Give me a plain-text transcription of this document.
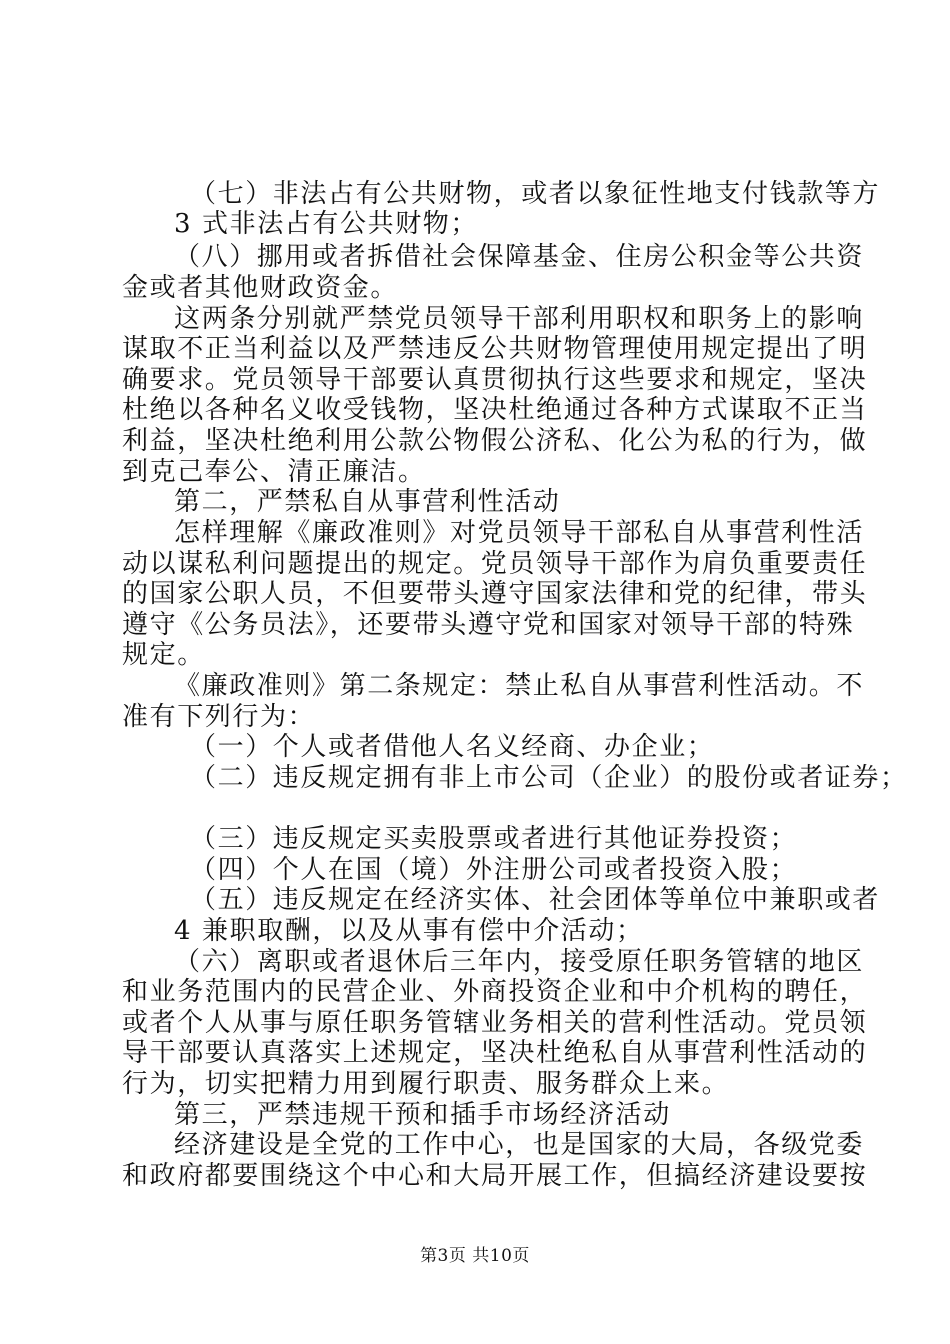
（七）非法占有公共财物，或者以象征性地支付钱款等方
3 式非法占有公共财物；
（八）挪用或者拆借社会保障基金、住房公积金等公共资
金或者其他财政资金。
这两条分别就严禁党员领导干部利用职权和职务上的影响
谋取不正当利益以及严禁违反公共财物管理使用规定提出了明
确要求。党员领导干部要认真贯彻执行这些要求和规定，坚决
杜绝以各种名义收受钱物，坚决杜绝通过各种方式谋取不正当
利益，坚决杜绝利用公款公物假公济私、化公为私的行为，做
到克己奉公、清正廉洁。
第二，严禁私自从事营利性活动
怎样理解《廉政准则》对党员领导干部私自从事营利性活
动以谋私利问题提出的规定。党员领导干部作为肩负重要责任
的国家公职人员，不但要带头遵守国家法律和党的纪律，带头
遵守《公务员法》，还要带头遵守党和国家对领导干部的特殊
规定。
《廉政准则》第二条规定：禁止私自从事营利性活动。不
准有下列行为：
（一）个人或者借他人名义经商、办企业；
（二）违反规定拥有非上市公司（企业）的股份或者证券；
（三）违反规定买卖股票或者进行其他证券投资；
（四）个人在国（境）外注册公司或者投资入股；
（五）违反规定在经济实体、社会团体等单位中兼职或者
4 兼职取酬，以及从事有偿中介活动；
（六）离职或者退休后三年内，接受原任职务管辖的地区
和业务范围内的民营企业、外商投资企业和中介机构的聘任，
或者个人从事与原任职务管辖业务相关的营利性活动。党员领
导干部要认真落实上述规定，坚决杜绝私自从事营利性活动的
行为，切实把精力用到履行职责、服务群众上来。
第三，严禁违规干预和插手市场经济活动
经济建设是全党的工作中心，也是国家的大局，各级党委
和政府都要围绕这个中心和大局开展工作，但搞经济建设要按
第3页 共10页
